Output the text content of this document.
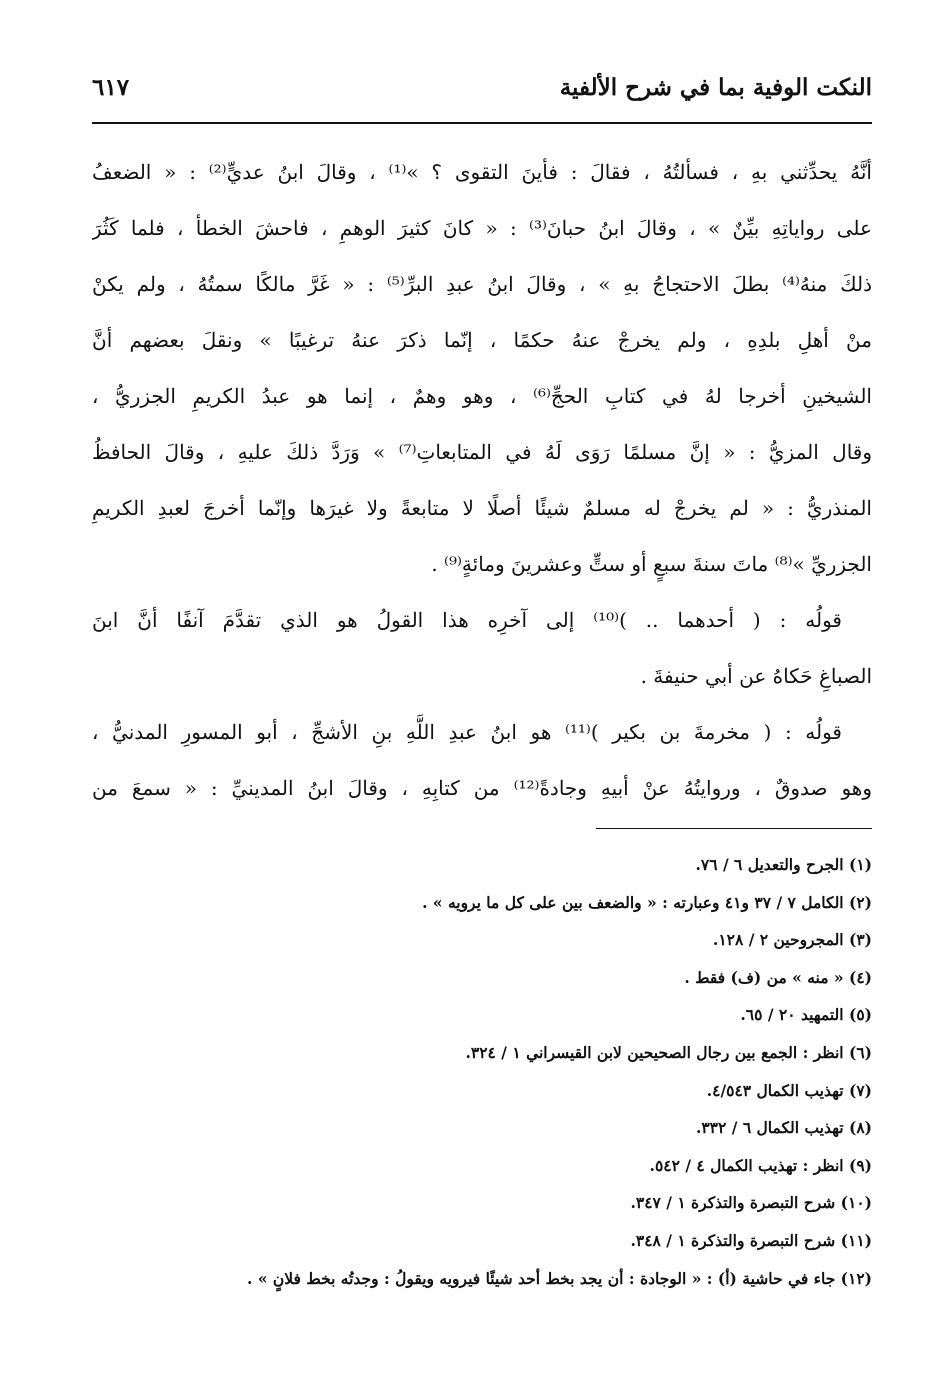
النكت الوفية بما في شرح الألفية
٦١٧
أنَّهُ يحدِّثني بهِ ، فسألتُهُ ، فقالَ : فأينَ التقوى ؟ »⁽¹⁾ ، وقالَ ابنُ عديٍّ⁽²⁾ : « الضعفُ
على رواياتِهِ بيِّنٌ » ، وقالَ ابنُ حبانَ⁽³⁾ : « كانَ كثيرَ الوهمِ ، فاحشَ الخطأ ، فلما كَثُرَ
ذلكَ منهُ⁽⁴⁾ بطلَ الاحتجاجُ بهِ » ، وقالَ ابنُ عبدِ البرِّ⁽⁵⁾ : « غَرَّ مالكًا سمتُهُ ، ولم يكنْ
منْ أهلِ بلدِهِ ، ولم يخرجْ عنهُ حكمًا ، إنّما ذكرَ عنهُ ترغيبًا » ونقلَ بعضهم أنَّ
الشيخينِ أخرجا لهُ في كتابِ الحجِّ⁽⁶⁾ ، وهو وهمٌ ، إنما هو عبدُ الكريمِ الجزريُّ ،
وقال المزيُّ : « إنَّ مسلمًا رَوَى لَهُ في المتابعاتِ⁽⁷⁾ » وَرَدَّ ذلكَ عليهِ ، وقالَ الحافظُ
المنذريُّ : « لم يخرجْ له مسلمٌ شيئًا أصلًا لا متابعةً ولا غيرَها وإنّما أخرجَ لعبدِ الكريمِ
الجزريِّ »⁽⁸⁾ ماتَ سنةَ سبعٍ أو ستٍّ وعشرينَ ومائةٍ⁽⁹⁾ .
قولُه : ( أحدهما .. )⁽¹⁰⁾ إلى آخرِه هذا القولُ هو الذي تقدَّمَ آنفًا أنَّ ابنَ
الصباغِ حَكاهُ عن أبي حنيفةَ .
قولُه : ( مخرمةَ بن بكير )⁽¹¹⁾ هو ابنُ عبدِ اللَّهِ بنِ الأشجِّ ، أبو المسورِ المدنيُّ ،
وهو صدوقٌ ، وروايتُهُ عنْ أبيهِ وجادةً⁽¹²⁾ من كتابِهِ ، وقالَ ابنُ المدينيِّ : « سمعَ من
(١) الجرح والتعديل ٦ / ٧٦.
(٢) الكامل ٧ / ٣٧ و٤١ وعبارته : « والضعف بين على كل ما يرويه » .
(٣) المجروحين ٢ / ١٢٨.
(٤) « منه » من (ف) فقط .
(٥) التمهيد ٢٠ / ٦٥.
(٦) انظر : الجمع بين رجال الصحيحين لابن القيسراني ١ / ٣٢٤.
(٧) تهذيب الكمال ٤/٥٤٣.
(٨) تهذيب الكمال ٦ / ٣٣٢.
(٩) انظر : تهذيب الكمال ٤ / ٥٤٢.
(١٠) شرح التبصرة والتذكرة ١ / ٣٤٧.
(١١) شرح التبصرة والتذكرة ١ / ٣٤٨.
(١٢) جاء في حاشية (أ) : « الوجادة : أن يجد بخط أحد شيئًا فيرويه ويقولُ : وجدتُه بخط فلانٍ » .
